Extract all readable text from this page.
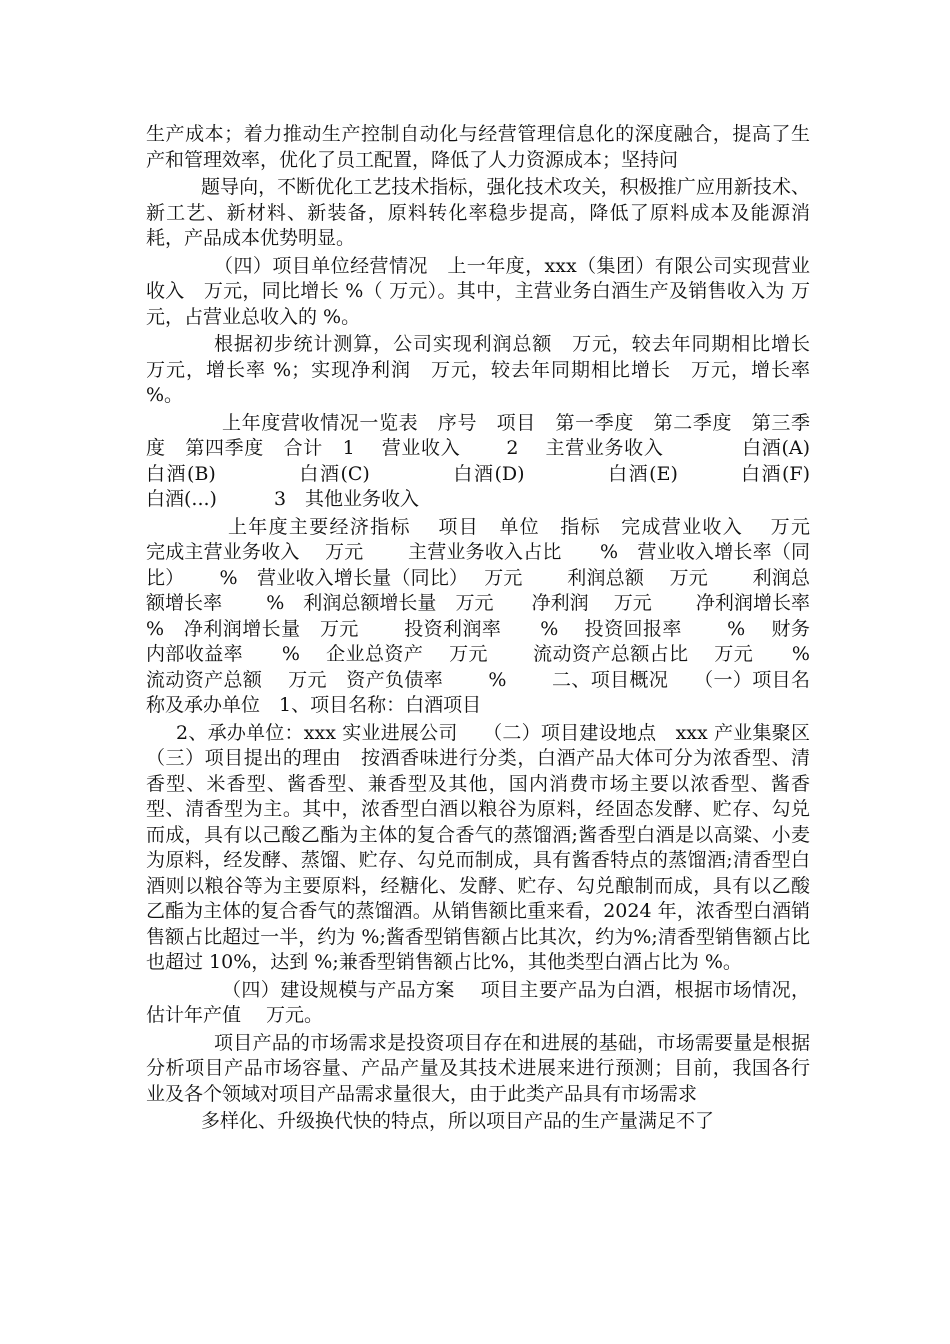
生产成本；着力推动生产控制自动化与经营管理信息化的深度融合，提高了生产和管理效率，优化了员工配置，降低了人力资源成本；坚持问

题导向，不断优化工艺技术指标，强化技术攻关，积极推广应用新技术、新工艺、新材料、新装备，原料转化率稳步提高，降低了原料成本及能源消耗，产品成本优势明显。

（四）项目单位经营情况　上一年度，xxx（集团）有限公司实现营业收入　万元，同比增长 %（ 万元）。其中，主营业务白酒生产及销售收入为 万元，占营业总收入的 %。

根据初步统计测算，公司实现利润总额　万元，较去年同期相比增长　万元，增长率 %；实现净利润　万元，较去年同期相比增长　万元，增长率 %。

上年度营收情况一览表　序号　项目　第一季度　第二季度　第三季度　第四季度　合计　1　 营业收入　　 2　 主营业务收入　　　　白酒(A)　　　　白酒(B)　　　　白酒(C)　　　　白酒(D)　　　　白酒(E)　　　白酒(F)　　　　白酒(...)　　　3　其他业务收入

上年度主要经济指标　 项目　单位　指标　完成营业收入　 万元　　 完成主营业务收入　 万元　　 主营业务收入占比　　%　营业收入增长率（同比）　　 %　营业收入增长量（同比）　 万元　　 利润总额　 万元　　 利润总额增长率　　 %　利润总额增长量　万元　　净利润　 万元　　 净利润增长率　　 %　净利润增长量　万元　　 投资利润率　　%　 投资回报率　　 %　 财务内部收益率　　%　 企业总资产　 万元　　 流动资产总额占比　 万元　　%　 流动资产总额　 万元　资产负债率　　 %　　 二、项目概况　 （一）项目名称及承办单位　1、项目名称：白酒项目

2、承办单位：xxx 实业进展公司　 （二）项目建设地点　xxx 产业集聚区　 （三）项目提出的理由　按酒香味进行分类，白酒产品大体可分为浓香型、清香型、米香型、酱香型、兼香型及其他，国内消费市场主要以浓香型、酱香型、清香型为主。其中，浓香型白酒以粮谷为原料，经固态发酵、贮存、勾兑而成，具有以己酸乙酯为主体的复合香气的蒸馏酒;酱香型白酒是以高粱、小麦为原料，经发酵、蒸馏、贮存、勾兑而制成，具有酱香特点的蒸馏酒;清香型白酒则以粮谷等为主要原料，经糖化、发酵、贮存、勾兑酿制而成，具有以乙酸乙酯为主体的复合香气的蒸馏酒。从销售额比重来看，2024 年，浓香型白酒销售额占比超过一半，约为 %;酱香型销售额占比其次，约为%;清香型销售额占比也超过 10%，达到 %;兼香型销售额占比%，其他类型白酒占比为 %。

（四）建设规模与产品方案　 项目主要产品为白酒，根据市场情况，估计年产值　 万元。

项目产品的市场需求是投资项目存在和进展的基础，市场需要量是根据分析项目产品市场容量、产品产量及其技术进展来进行预测；目前，我国各行业及各个领域对项目产品需求量很大，由于此类产品具有市场需求

多样化、升级换代快的特点，所以项目产品的生产量满足不了
